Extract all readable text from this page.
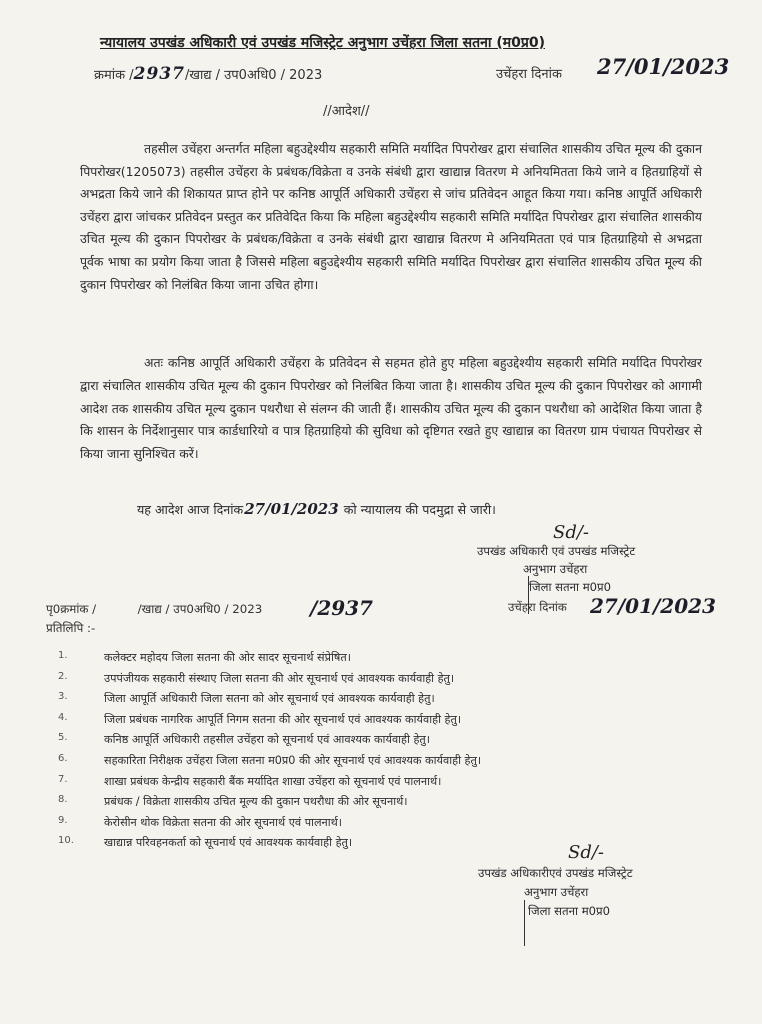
न्यायालय उपखंड अधिकारी एवं उपखंड मजिस्ट्रेट अनुभाग उचेंहरा जिला सतना (म0प्र0)
क्रमांक /2937/खाद्य / उप0अधि0 / 2023	उचेंहरा दिनांक 27/01/2023
//आदेश//
तहसील उचेंहरा अन्तर्गत महिला बहुउद्देश्यीय सहकारी समिति मर्यादित पिपरोखर द्वारा संचालित शासकीय उचित मूल्य की दुकान पिपरोखर(1205073) तहसील उचेंहरा के प्रबंधक/विक्रेता व उनके संबंधी द्वारा खाद्यान्न वितरण मे अनियमितता किये जाने व हितग्राहियों से अभद्रता किये जाने की शिकायत प्राप्त होने पर कनिष्ठ आपूर्ति अधिकारी उचेंहरा से जांच प्रतिवेदन आहूत किया गया। कनिष्ठ आपूर्ति अधिकारी उचेंहरा द्वारा जांचकर प्रतिवेदन प्रस्तुत कर प्रतिवेदित किया कि महिला बहुउद्देश्यीय सहकारी समिति मर्यादित पिपरोखर द्वारा संचालित शासकीय उचित मूल्य की दुकान पिपरोखर के प्रबंधक/विक्रेता व उनके संबंधी द्वारा खाद्यान्न वितरण मे अनियमितता एवं पात्र हितग्राहियो से अभद्रता पूर्वक भाषा का प्रयोग किया जाता है जिससे महिला बहुउद्देश्यीय सहकारी समिति मर्यादित पिपरोखर द्वारा संचालित शासकीय उचित मूल्य की दुकान पिपरोखर को निलंबित किया जाना उचित होगा।
अतः कनिष्ठ आपूर्ति अधिकारी उचेंहरा के प्रतिवेदन से सहमत होते हुए महिला बहुउद्देश्यीय सहकारी समिति मर्यादित पिपरोखर द्वारा संचालित शासकीय उचित मूल्य की दुकान पिपरोखर को निलंबित किया जाता है। शासकीय उचित मूल्य की दुकान पिपरोखर को आगामी आदेश तक शासकीय उचित मूल्य दुकान पथरौधा से संलग्न की जाती हैं। शासकीय उचित मूल्य की दुकान पथरौधा को आदेशित किया जाता है कि शासन के निर्देशानुसार पात्र कार्डधारियो व पात्र हितग्राहियो की सुविधा को दृष्टिगत रखते हुए खाद्यान्न का वितरण ग्राम पंचायत पिपरोखर से किया जाना सुनिश्चित करें।
यह आदेश आज दिनांक27/01/2023 को न्यायालय की पदमुद्रा से जारी।
Sd/-
उपखंड अधिकारी एवं उपखंड मजिस्ट्रेट
अनुभाग उचेंहरा
जिला सतना म0प्र0
पृ0क्रमांक /	/खाद्य / उप0अधि0 / 2023 /2937	उचेंहरा दिनांक 27/01/2023
प्रतिलिपि :-
1.	कलेक्टर महोदय जिला सतना की ओर सादर सूचनार्थ संप्रेषित।
2.	उपपंजीयक सहकारी संस्थाए जिला सतना की ओर सूचनार्थ एवं आवश्यक कार्यवाही हेतु।
3.	जिला आपूर्ति अधिकारी जिला सतना को ओर सूचनार्थ एवं आवश्यक कार्यवाही हेतु।
4.	जिला प्रबंधक नागरिक आपूर्ति निगम सतना की ओर सूचनार्थ एवं आवश्यक कार्यवाही हेतु।
5.	कनिष्ठ आपूर्ति अधिकारी तहसील उचेंहरा को सूचनार्थ एवं आवश्यक कार्यवाही हेतु।
6.	सहकारिता निरीक्षक उचेंहरा जिला सतना म0प्र0 की ओर सूचनार्थ एवं आवश्यक कार्यवाही हेतु।
7.	शाखा प्रबंधक केन्द्रीय सहकारी बैंक मर्यादित शाखा उचेंहरा को सूचनार्थ एवं पालनार्थ।
8.	प्रबंधक / विक्रेता शासकीय उचित मूल्य की दुकान पथरौधा की ओर सूचनार्थ।
9.	केरोसीन थोक विक्रेता सतना की ओर सूचनार्थ एवं पालनार्थ।
10.	खाद्यान्न परिवहनकर्ता को सूचनार्थ एवं आवश्यक कार्यवाही हेतु।	Sd/-
उपखंड अधिकारीएवं उपखंड मजिस्ट्रेट
अनुभाग उचेंहरा
जिला सतना म0प्र0
